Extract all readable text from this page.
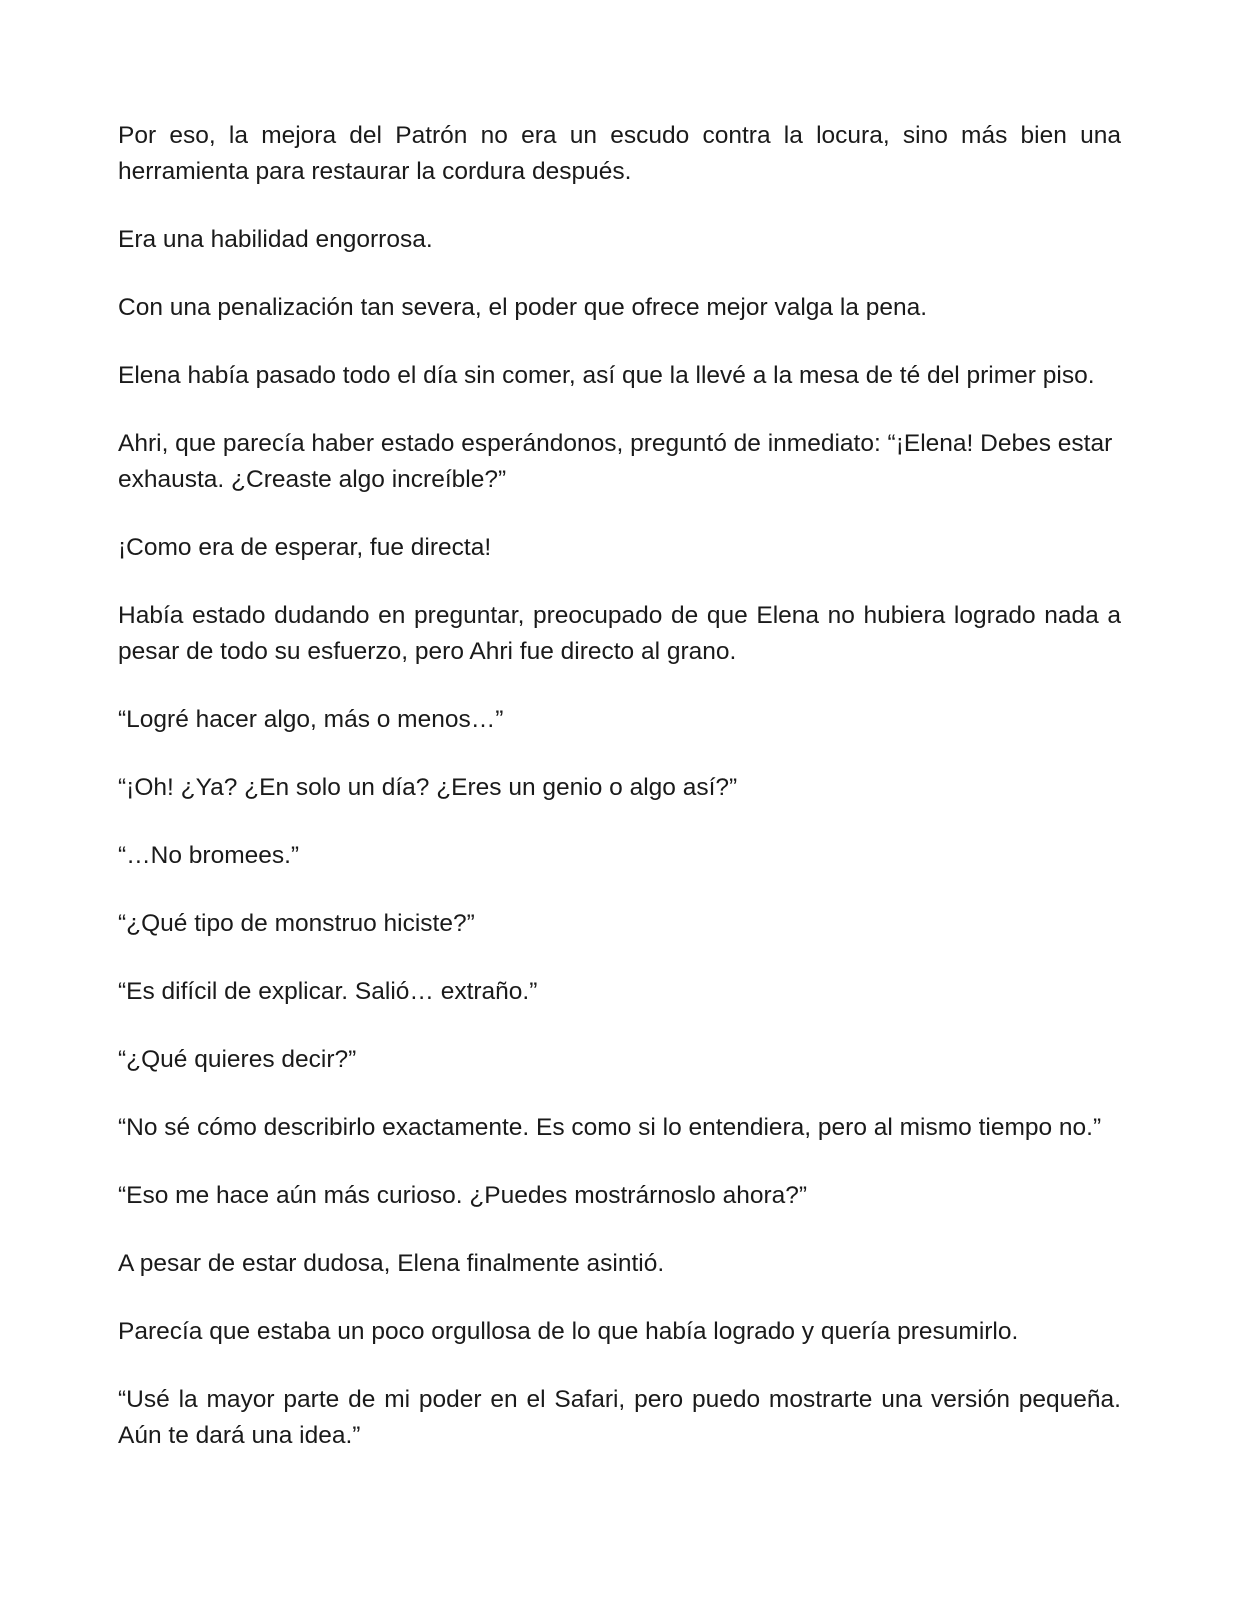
Por eso, la mejora del Patrón no era un escudo contra la locura, sino más bien una herramienta para restaurar la cordura después.

Era una habilidad engorrosa.

Con una penalización tan severa, el poder que ofrece mejor valga la pena.

Elena había pasado todo el día sin comer, así que la llevé a la mesa de té del primer piso.

Ahri, que parecía haber estado esperándonos, preguntó de inmediato: “¡Elena! Debes estar exhausta. ¿Creaste algo increíble?”

¡Como era de esperar, fue directa!

Había estado dudando en preguntar, preocupado de que Elena no hubiera logrado nada a pesar de todo su esfuerzo, pero Ahri fue directo al grano.

“Logré hacer algo, más o menos…”

“¡Oh! ¿Ya? ¿En solo un día? ¿Eres un genio o algo así?”

“…No bromees.”

“¿Qué tipo de monstruo hiciste?”

“Es difícil de explicar. Salió… extraño.”

“¿Qué quieres decir?”

“No sé cómo describirlo exactamente. Es como si lo entendiera, pero al mismo tiempo no.”

“Eso me hace aún más curioso. ¿Puedes mostrárnoslo ahora?”

A pesar de estar dudosa, Elena finalmente asintió.

Parecía que estaba un poco orgullosa de lo que había logrado y quería presumirlo.

“Usé la mayor parte de mi poder en el Safari, pero puedo mostrarte una versión pequeña. Aún te dará una idea.”
